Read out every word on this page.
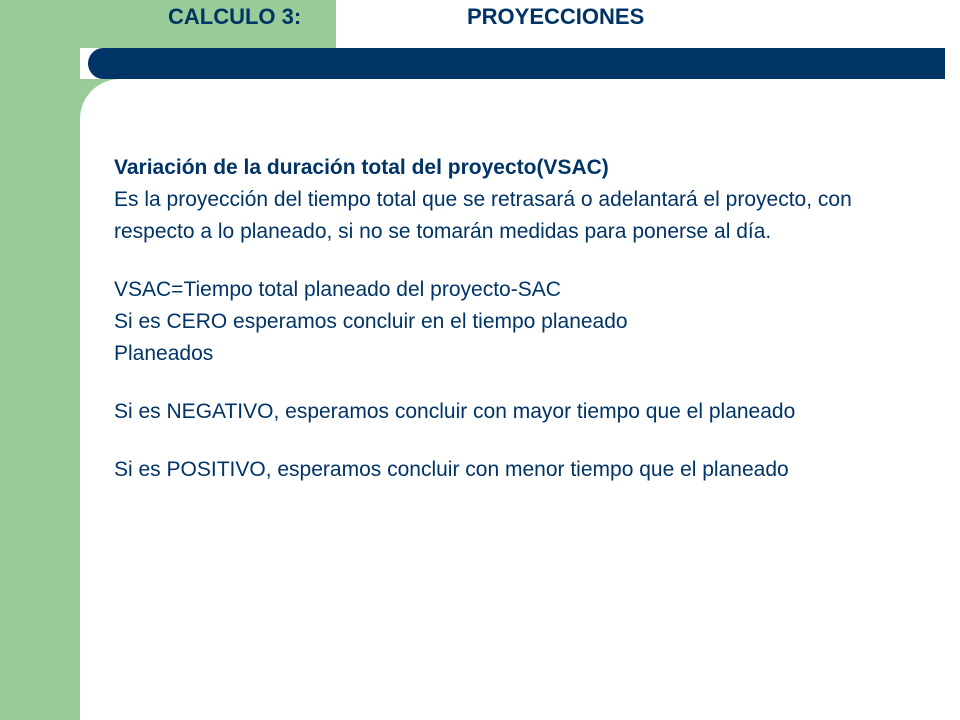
CALCULO 3:	PROYECCIONES

Variación de la duración total del proyecto(VSAC)

Es la proyección del tiempo total que se retrasará o adelantará el proyecto, con respecto a lo planeado, si no se tomarán medidas para ponerse al día.

VSAC=Tiempo total planeado del proyecto-SAC

Si es CERO esperamos concluir en el tiempo planeado

Planeados

Si es NEGATIVO, esperamos concluir con mayor tiempo que el planeado

Si es POSITIVO, esperamos concluir con menor tiempo que el planeado
